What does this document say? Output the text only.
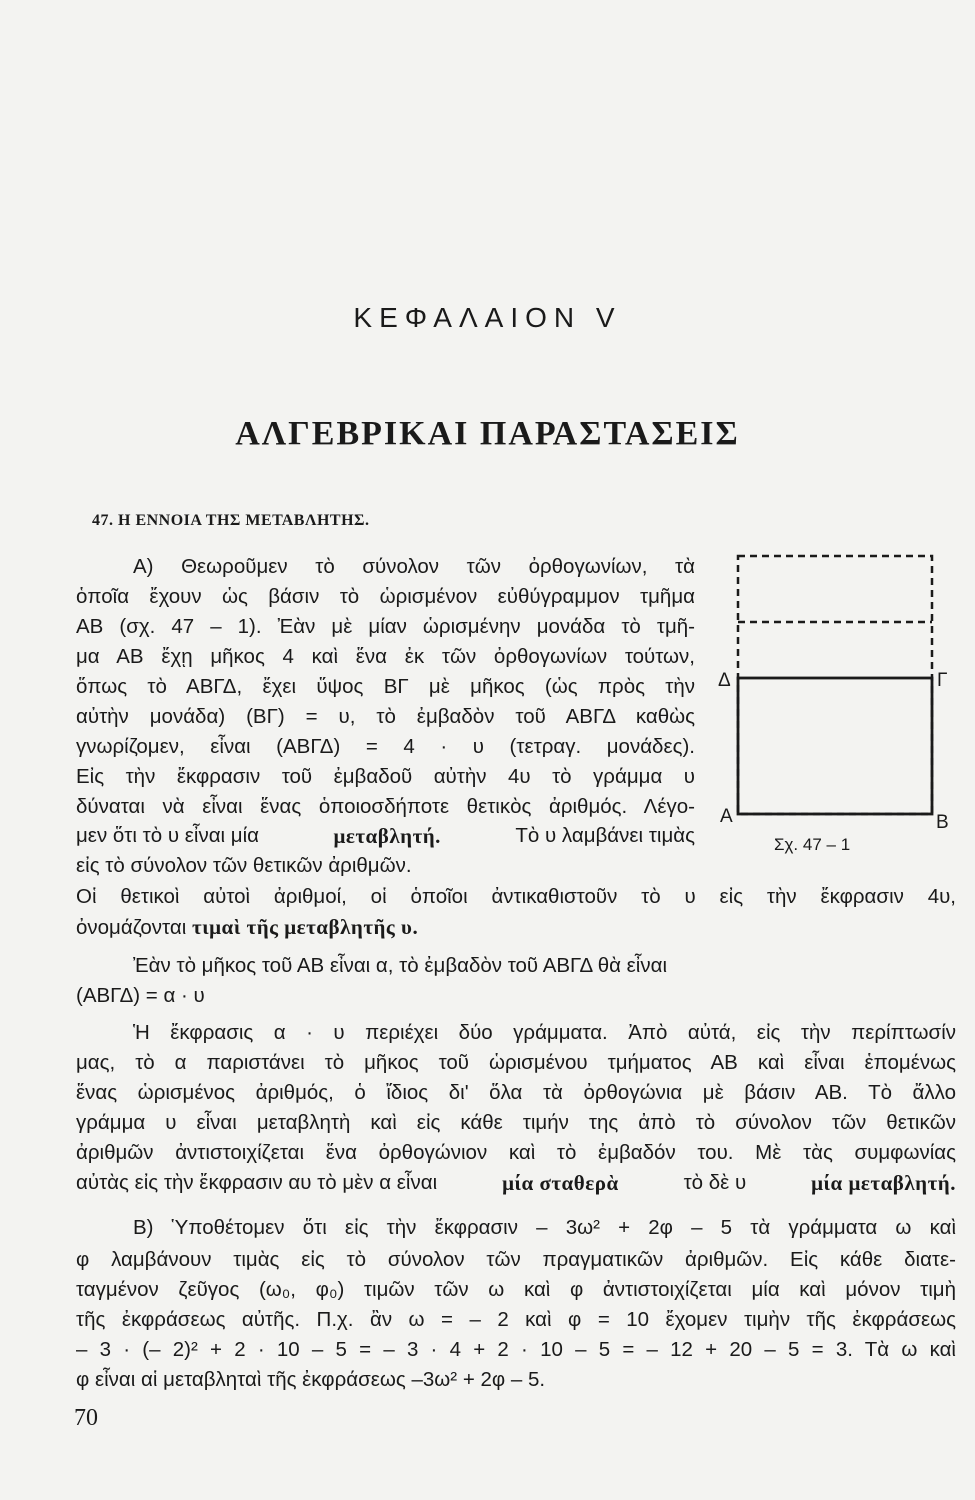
ΚΕΦΑΛΑΙΟΝ V
ΑΛΓΕΒΡΙΚΑΙ ΠΑΡΑΣΤΑΣΕΙΣ
47. Η ΕΝΝΟΙΑ ΤΗΣ ΜΕΤΑΒΛΗΤΗΣ.
Α) Θεωροῦμεν τὸ σύνολον τῶν ὀρθογωνίων, τὰ
ὁποῖα ἔχουν ὡς βάσιν τὸ ὡρισμένον εὐθύγραμμον τμῆμα
ΑΒ (σχ. 47 – 1). Ἐὰν μὲ μίαν ὡρισμένην μονάδα τὸ τμῆ-
μα ΑΒ ἔχῃ μῆκος 4 καὶ ἕνα ἐκ τῶν ὀρθογωνίων τούτων,
ὅπως τὸ ΑΒΓΔ, ἔχει ὕψος ΒΓ μὲ μῆκος (ὡς πρὸς τὴν
αὐτὴν μονάδα) (ΒΓ) = υ, τὸ ἐμβαδὸν τοῦ ΑΒΓΔ καθὼς
γνωρίζομεν, εἶναι (ΑΒΓΔ) = 4 · υ (τετραγ. μονάδες).
Εἰς τὴν ἔκφρασιν τοῦ ἐμβαδοῦ αὐτὴν 4υ τὸ γράμμα υ
δύναται νὰ εἶναι ἕνας ὁποιοσδήποτε θετικὸς ἀριθμός. Λέγο-
μεν ὅτι τὸ υ εἶναι μία	μεταβλητή.	Τὸ υ λαμβάνει τιμὰς
εἰς τὸ σύνολον τῶν θετικῶν ἀριθμῶν.
Οἱ θετικοὶ αὐτοὶ ἀριθμοί, οἱ ὁποῖοι ἀντικαθιστοῦν τὸ υ εἰς τὴν ἔκφρασιν 4υ,
ὀνομάζονται τιμαὶ τῆς μεταβλητῆς υ.
Ἐὰν τὸ μῆκος τοῦ ΑΒ εἶναι α, τὸ ἐμβαδὸν τοῦ ΑΒΓΔ θὰ εἶναι
(ΑΒΓΔ) = α · υ
Ἡ ἔκφρασις α · υ περιέχει δύο γράμματα. Ἀπὸ αὐτά, εἰς τὴν περίπτωσίν
μας, τὸ α παριστάνει τὸ μῆκος τοῦ ὡρισμένου τμήματος ΑΒ καὶ εἶναι ἑπομένως
ἕνας ὡρισμένος ἀριθμός, ὁ ἴδιος δι' ὅλα τὰ ὀρθογώνια μὲ βάσιν ΑΒ. Τὸ ἄλλο
γράμμα υ εἶναι μεταβλητὴ καὶ εἰς κάθε τιμήν της ἀπὸ τὸ σύνολον τῶν θετικῶν
ἀριθμῶν ἀντιστοιχίζεται ἕνα ὀρθογώνιον καὶ τὸ ἐμβαδόν του. Μὲ τὰς συμφωνίας
αὐτὰς εἰς τὴν ἔκφρασιν αυ τὸ μὲν α εἶναι	μία σταθερὰ	τὸ δὲ υ	μία μεταβλητή.
Β) Ὑποθέτομεν ὅτι εἰς τὴν ἔκφρασιν – 3ω² + 2φ – 5 τὰ γράμματα ω καὶ
φ λαμβάνουν τιμὰς εἰς τὸ σύνολον τῶν πραγματικῶν ἀριθμῶν. Εἰς κάθε διατε-
ταγμένον ζεῦγος (ω₀, φ₀) τιμῶν τῶν ω καὶ φ ἀντιστοιχίζεται μία καὶ μόνον τιμὴ
τῆς ἐκφράσεως αὐτῆς. Π.χ. ἂν ω = – 2 καὶ φ = 10 ἔχομεν τιμὴν τῆς ἐκφράσεως
– 3 · (– 2)² + 2 · 10 – 5 = – 3 · 4 + 2 · 10 – 5 = – 12 + 20 – 5 = 3. Τὰ ω καὶ
φ εἶναι αἱ μεταβληταὶ τῆς ἐκφράσεως –3ω² + 2φ – 5.
Δ	Γ
Α	Β
Σχ. 47 – 1
70
